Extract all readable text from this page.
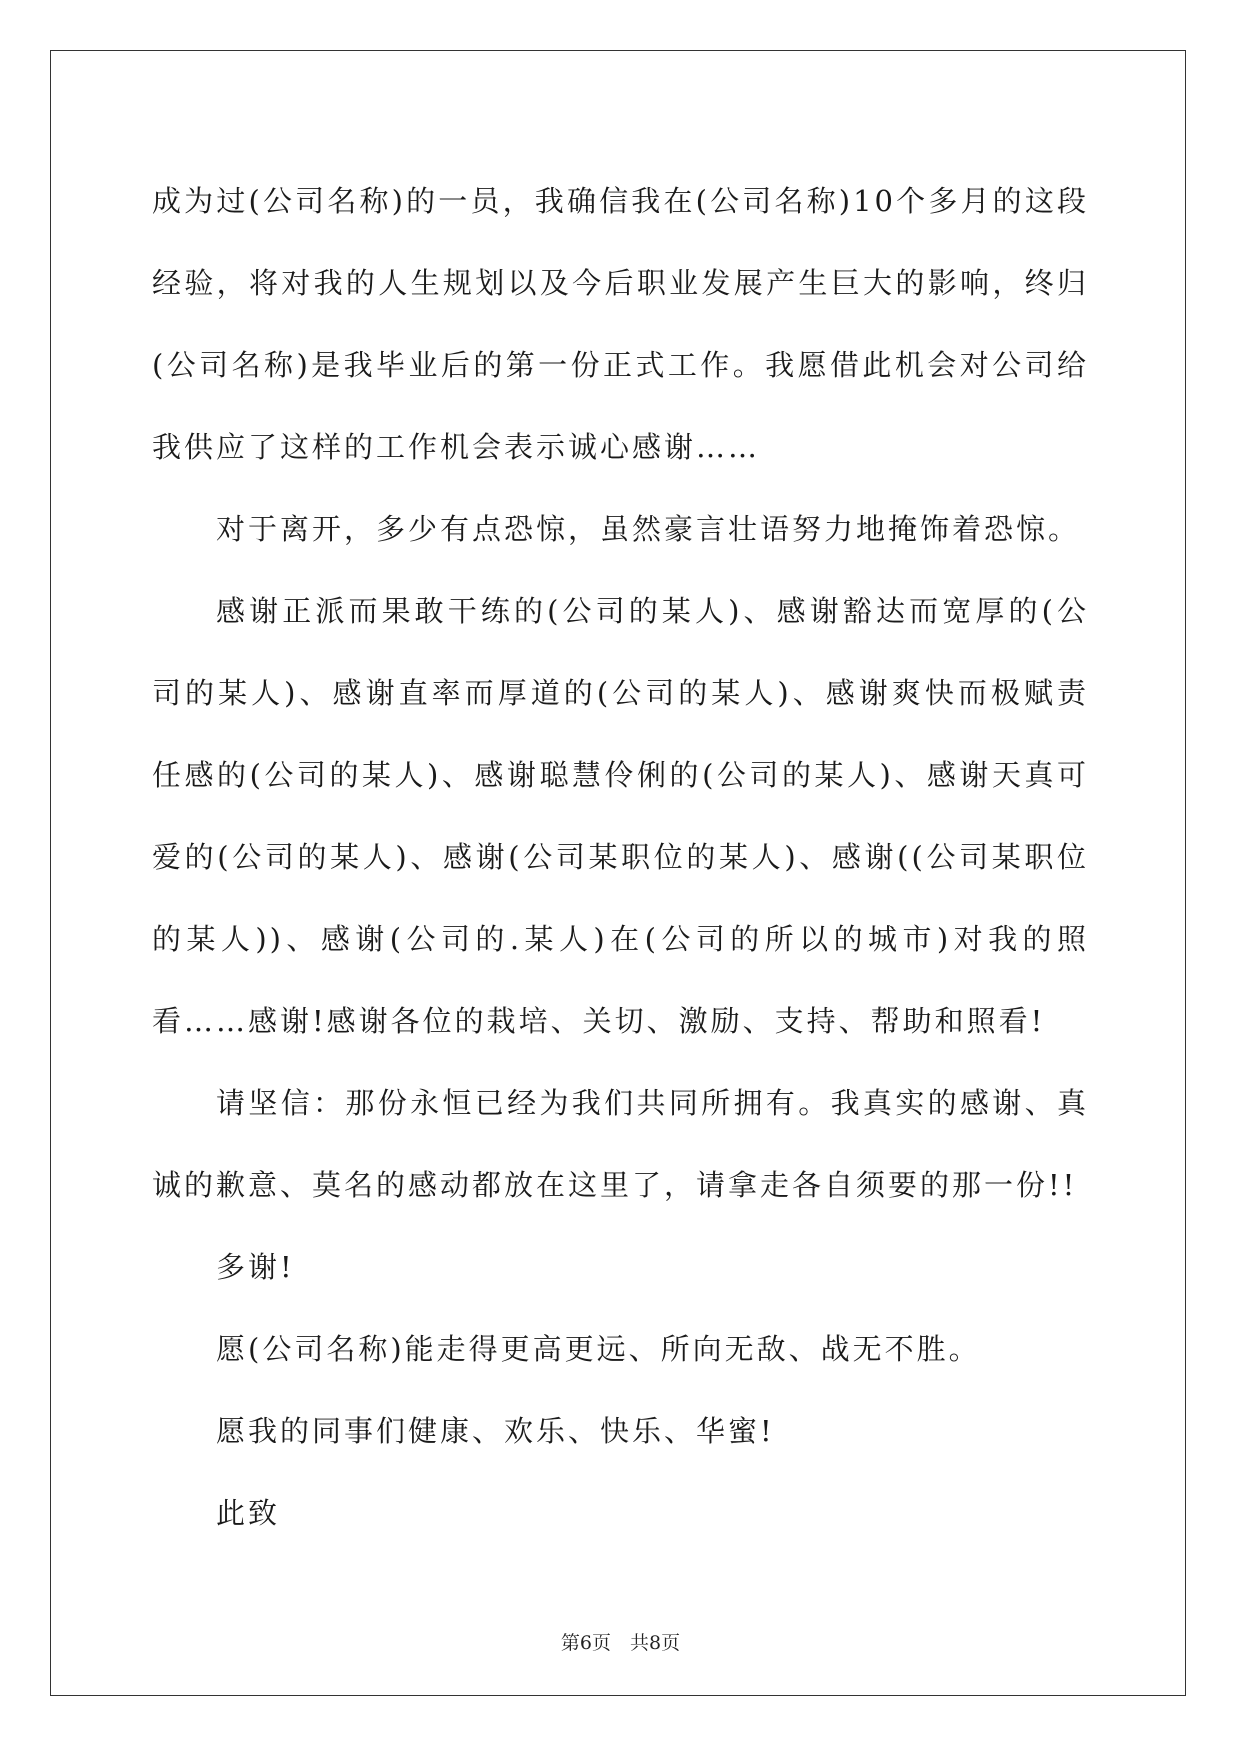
成为过(公司名称)的一员，我确信我在(公司名称)10个多月的这段经验，将对我的人生规划以及今后职业发展产生巨大的影响，终归(公司名称)是我毕业后的第一份正式工作。我愿借此机会对公司给我供应了这样的工作机会表示诚心感谢……

对于离开，多少有点恐惊，虽然豪言壮语努力地掩饰着恐惊。

感谢正派而果敢干练的(公司的某人)、感谢豁达而宽厚的(公司的某人)、感谢直率而厚道的(公司的某人)、感谢爽快而极赋责任感的(公司的某人)、感谢聪慧伶俐的(公司的某人)、感谢天真可爱的(公司的某人)、感谢(公司某职位的某人)、感谢((公司某职位的某人))、感谢(公司的.某人)在(公司的所以的城市)对我的照看……感谢!感谢各位的栽培、关切、激励、支持、帮助和照看!

请坚信：那份永恒已经为我们共同所拥有。我真实的感谢、真诚的歉意、莫名的感动都放在这里了，请拿走各自须要的那一份!!

多谢!

愿(公司名称)能走得更高更远、所向无敌、战无不胜。

愿我的同事们健康、欢乐、快乐、华蜜!

此致

第6页　共8页
